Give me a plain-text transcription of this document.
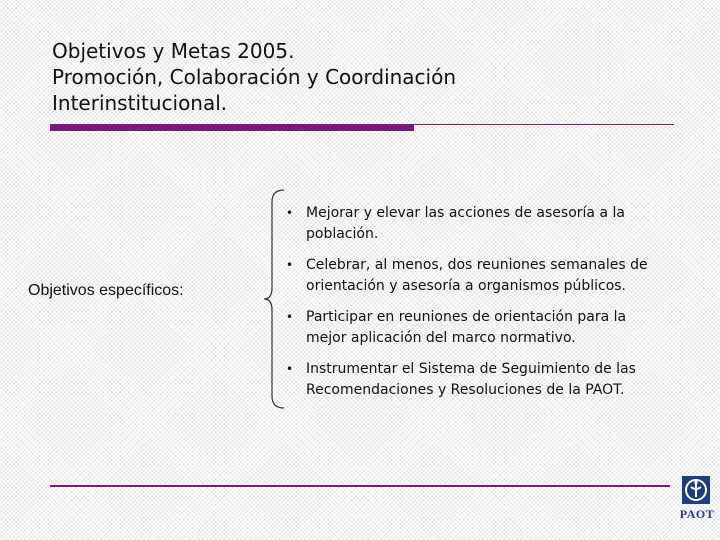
Objetivos y Metas 2005.
Promoción, Colaboración y Coordinación
Interinstitucional.
Objetivos específicos:
• Mejorar y elevar las acciones de asesoría a la
población.
• Celebrar, al menos, dos reuniones semanales de
orientación y asesoría a organismos públicos.
• Participar en reuniones de orientación para la
mejor aplicación del marco normativo.
• Instrumentar el Sistema de Seguimiento de las
Recomendaciones y Resoluciones de la PAOT.
PAOT
